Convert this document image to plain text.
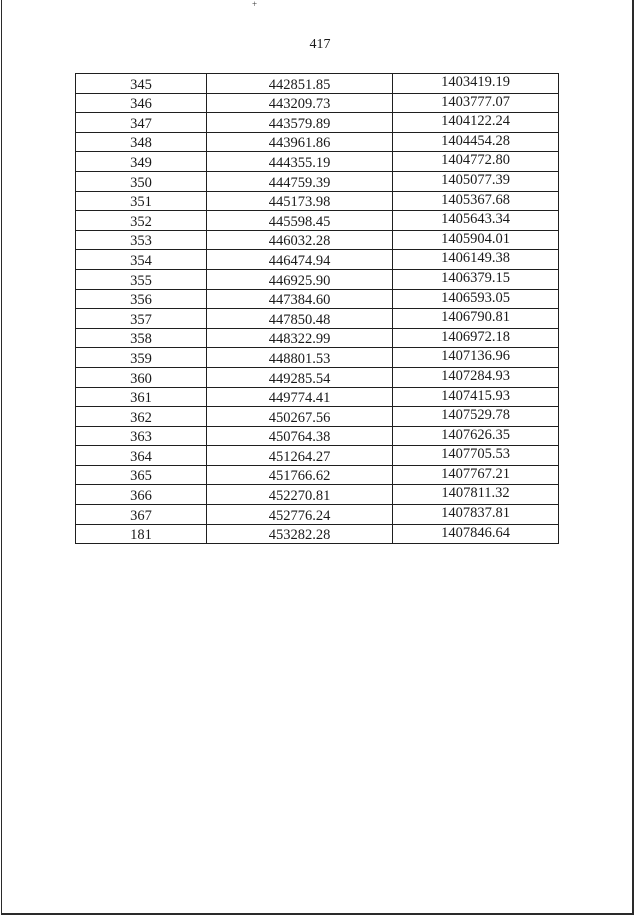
+
417
345	442851.85	1403419.19
346	443209.73	1403777.07
347	443579.89	1404122.24
348	443961.86	1404454.28
349	444355.19	1404772.80
350	444759.39	1405077.39
351	445173.98	1405367.68
352	445598.45	1405643.34
353	446032.28	1405904.01
354	446474.94	1406149.38
355	446925.90	1406379.15
356	447384.60	1406593.05
357	447850.48	1406790.81
358	448322.99	1406972.18
359	448801.53	1407136.96
360	449285.54	1407284.93
361	449774.41	1407415.93
362	450267.56	1407529.78
363	450764.38	1407626.35
364	451264.27	1407705.53
365	451766.62	1407767.21
366	452270.81	1407811.32
367	452776.24	1407837.81
181	453282.28	1407846.64
